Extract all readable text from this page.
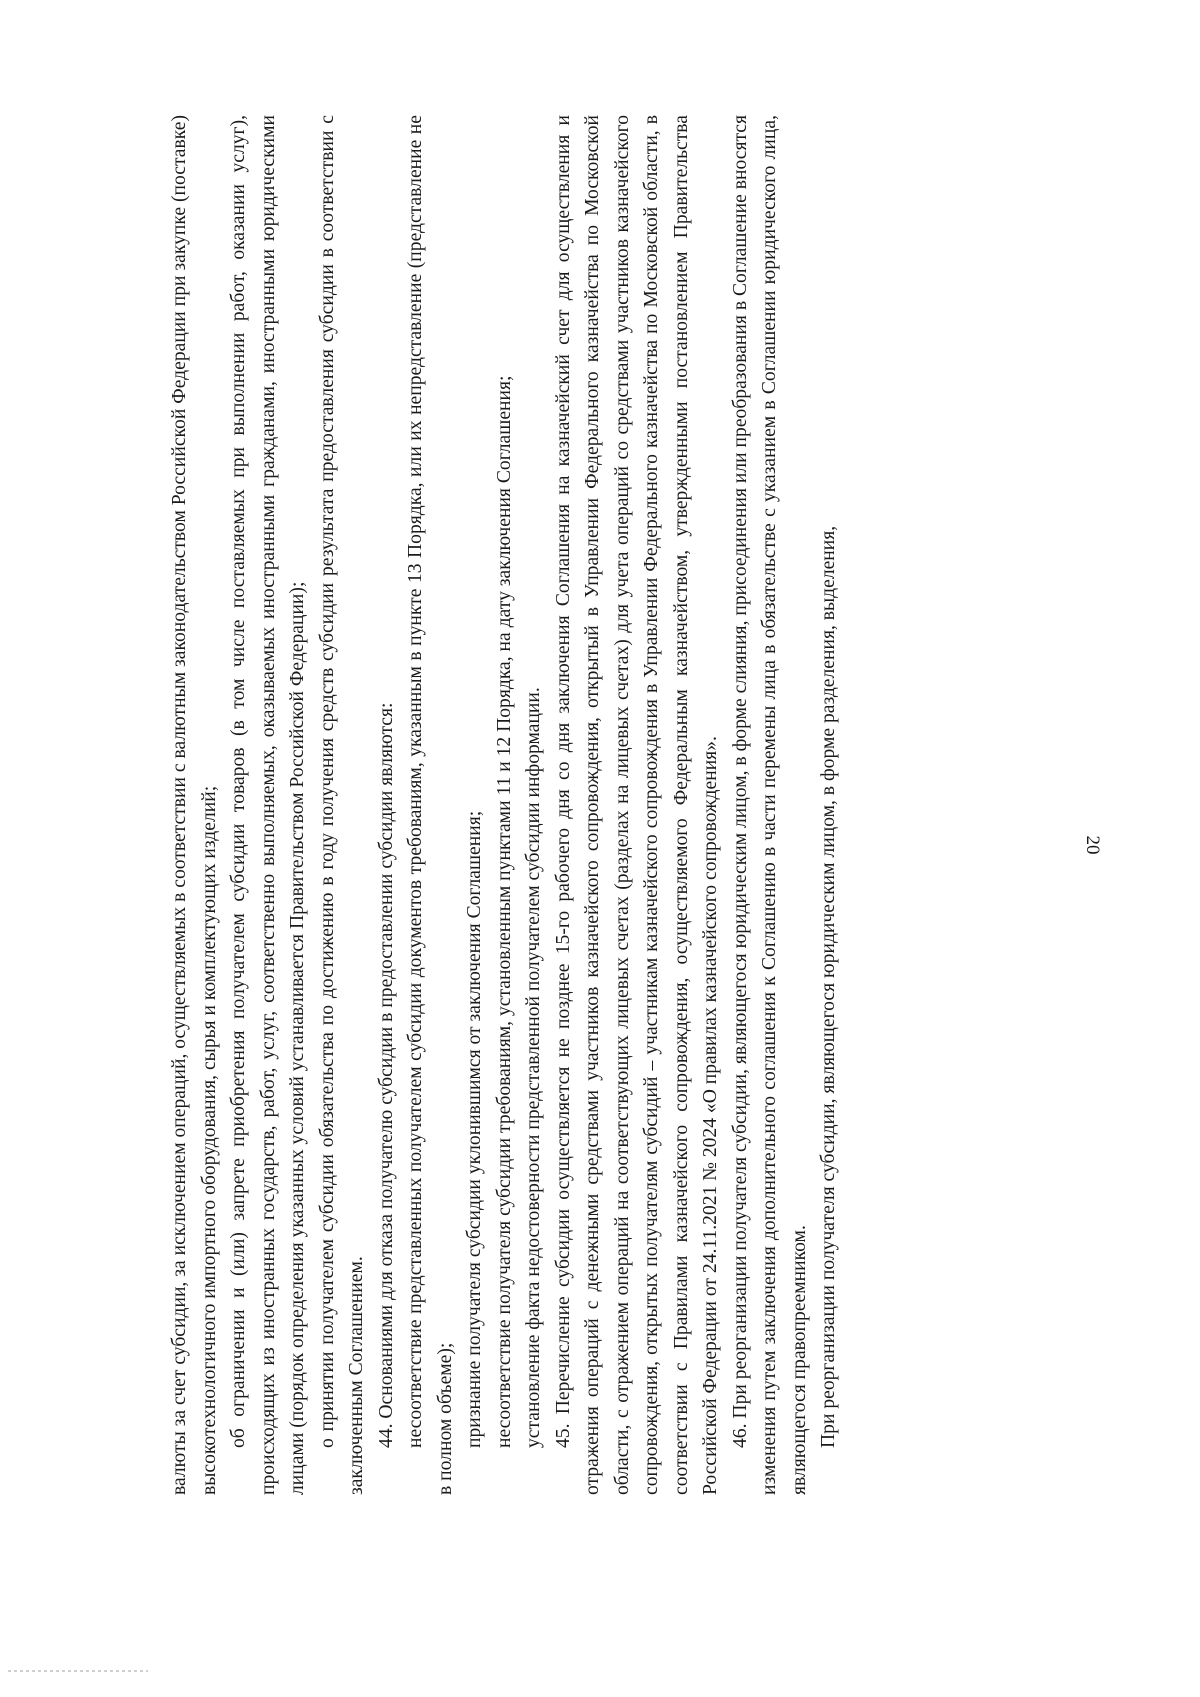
20

валюты за счет субсидии, за исключением операций, осуществляемых в соответствии с валютным законодательством Российской Федерации при закупке (поставке) высокотехнологичного импортного оборудования, сырья и комплектующих изделий; об ограничении и (или) запрете приобретения получателем субсидии товаров (в том числе поставляемых при выполнении работ, оказании услуг), происходящих из иностранных государств, работ, услуг, соответственно выполняемых, оказываемых иностранными гражданами, иностранными юридическими лицами (порядок определения указанных условий устанавливается Правительством Российской Федерации); о принятии получателем субсидии обязательства по достижению в году получения средств субсидии результата предоставления субсидии в соответствии с заключенным Соглашением. 44. Основаниями для отказа получателю субсидии в предоставлении субсидии являются: несоответствие представленных получателем субсидии документов требованиям, указанным в пункте 13 Порядка, или их непредставление (представление не в полном объеме); признание получателя субсидии уклонившимся от заключения Соглашения; несоответствие получателя субсидии требованиям, установленным пунктами 11 и 12 Порядка, на дату заключения Соглашения; установление факта недостоверности представленной получателем субсидии информации. 45. Перечисление субсидии осуществляется не позднее 15-го рабочего дня со дня заключения Соглашения на казначейский счет для осуществления и отражения операций с денежными средствами участников казначейского сопровождения, открытый в Управлении Федерального казначейства по Московской области, с отражением операций на соответствующих лицевых счетах (разделах на лицевых счетах) для учета операций со средствами участников казначейского сопровождения, открытых получателям субсидий – участникам казначейского сопровождения в Управлении Федерального казначейства по Московской области, в соответствии с Правилами казначейского сопровождения, осуществляемого Федеральным казначейством, утвержденными постановлением Правительства Российской Федерации от 24.11.2021 № 2024 «О правилах казначейского сопровождения». 46. При реорганизации получателя субсидии, являющегося юридическим лицом, в форме слияния, присоединения или преобразования в Соглашение вносятся изменения путем заключения дополнительного соглашения к Соглашению в части перемены лица в обязательстве с указанием в Соглашении юридического лица, являющегося правопреемником. При реорганизации получателя субсидии, являющегося юридическим лицом, в форме разделения, выделения,
